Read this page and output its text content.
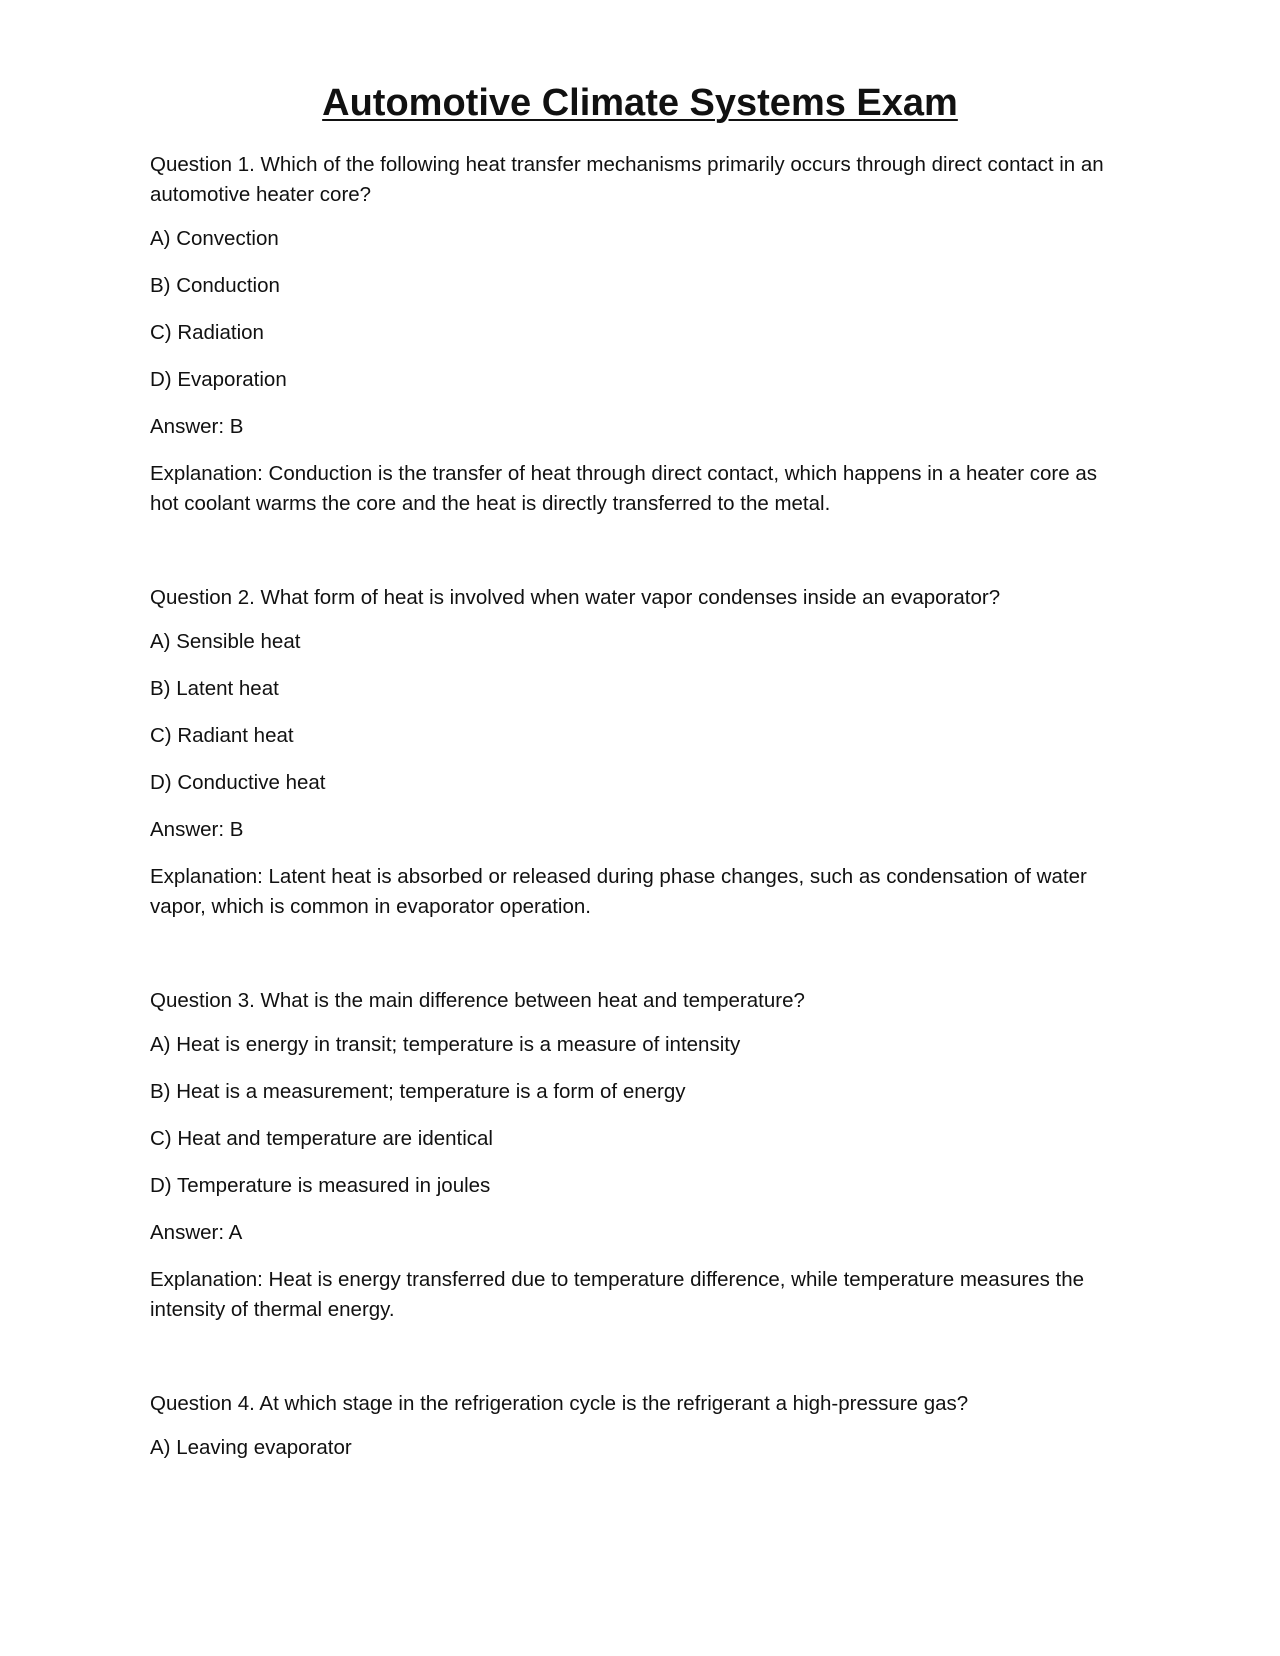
Automotive Climate Systems Exam

Question 1. Which of the following heat transfer mechanisms primarily occurs through direct contact in an automotive heater core?

A) Convection

B) Conduction

C) Radiation

D) Evaporation

Answer: B

Explanation: Conduction is the transfer of heat through direct contact, which happens in a heater core as hot coolant warms the core and the heat is directly transferred to the metal.

Question 2. What form of heat is involved when water vapor condenses inside an evaporator?

A) Sensible heat

B) Latent heat

C) Radiant heat

D) Conductive heat

Answer: B

Explanation: Latent heat is absorbed or released during phase changes, such as condensation of water vapor, which is common in evaporator operation.

Question 3. What is the main difference between heat and temperature?

A) Heat is energy in transit; temperature is a measure of intensity

B) Heat is a measurement; temperature is a form of energy

C) Heat and temperature are identical

D) Temperature is measured in joules

Answer: A

Explanation: Heat is energy transferred due to temperature difference, while temperature measures the intensity of thermal energy.

Question 4. At which stage in the refrigeration cycle is the refrigerant a high-pressure gas?

A) Leaving evaporator
